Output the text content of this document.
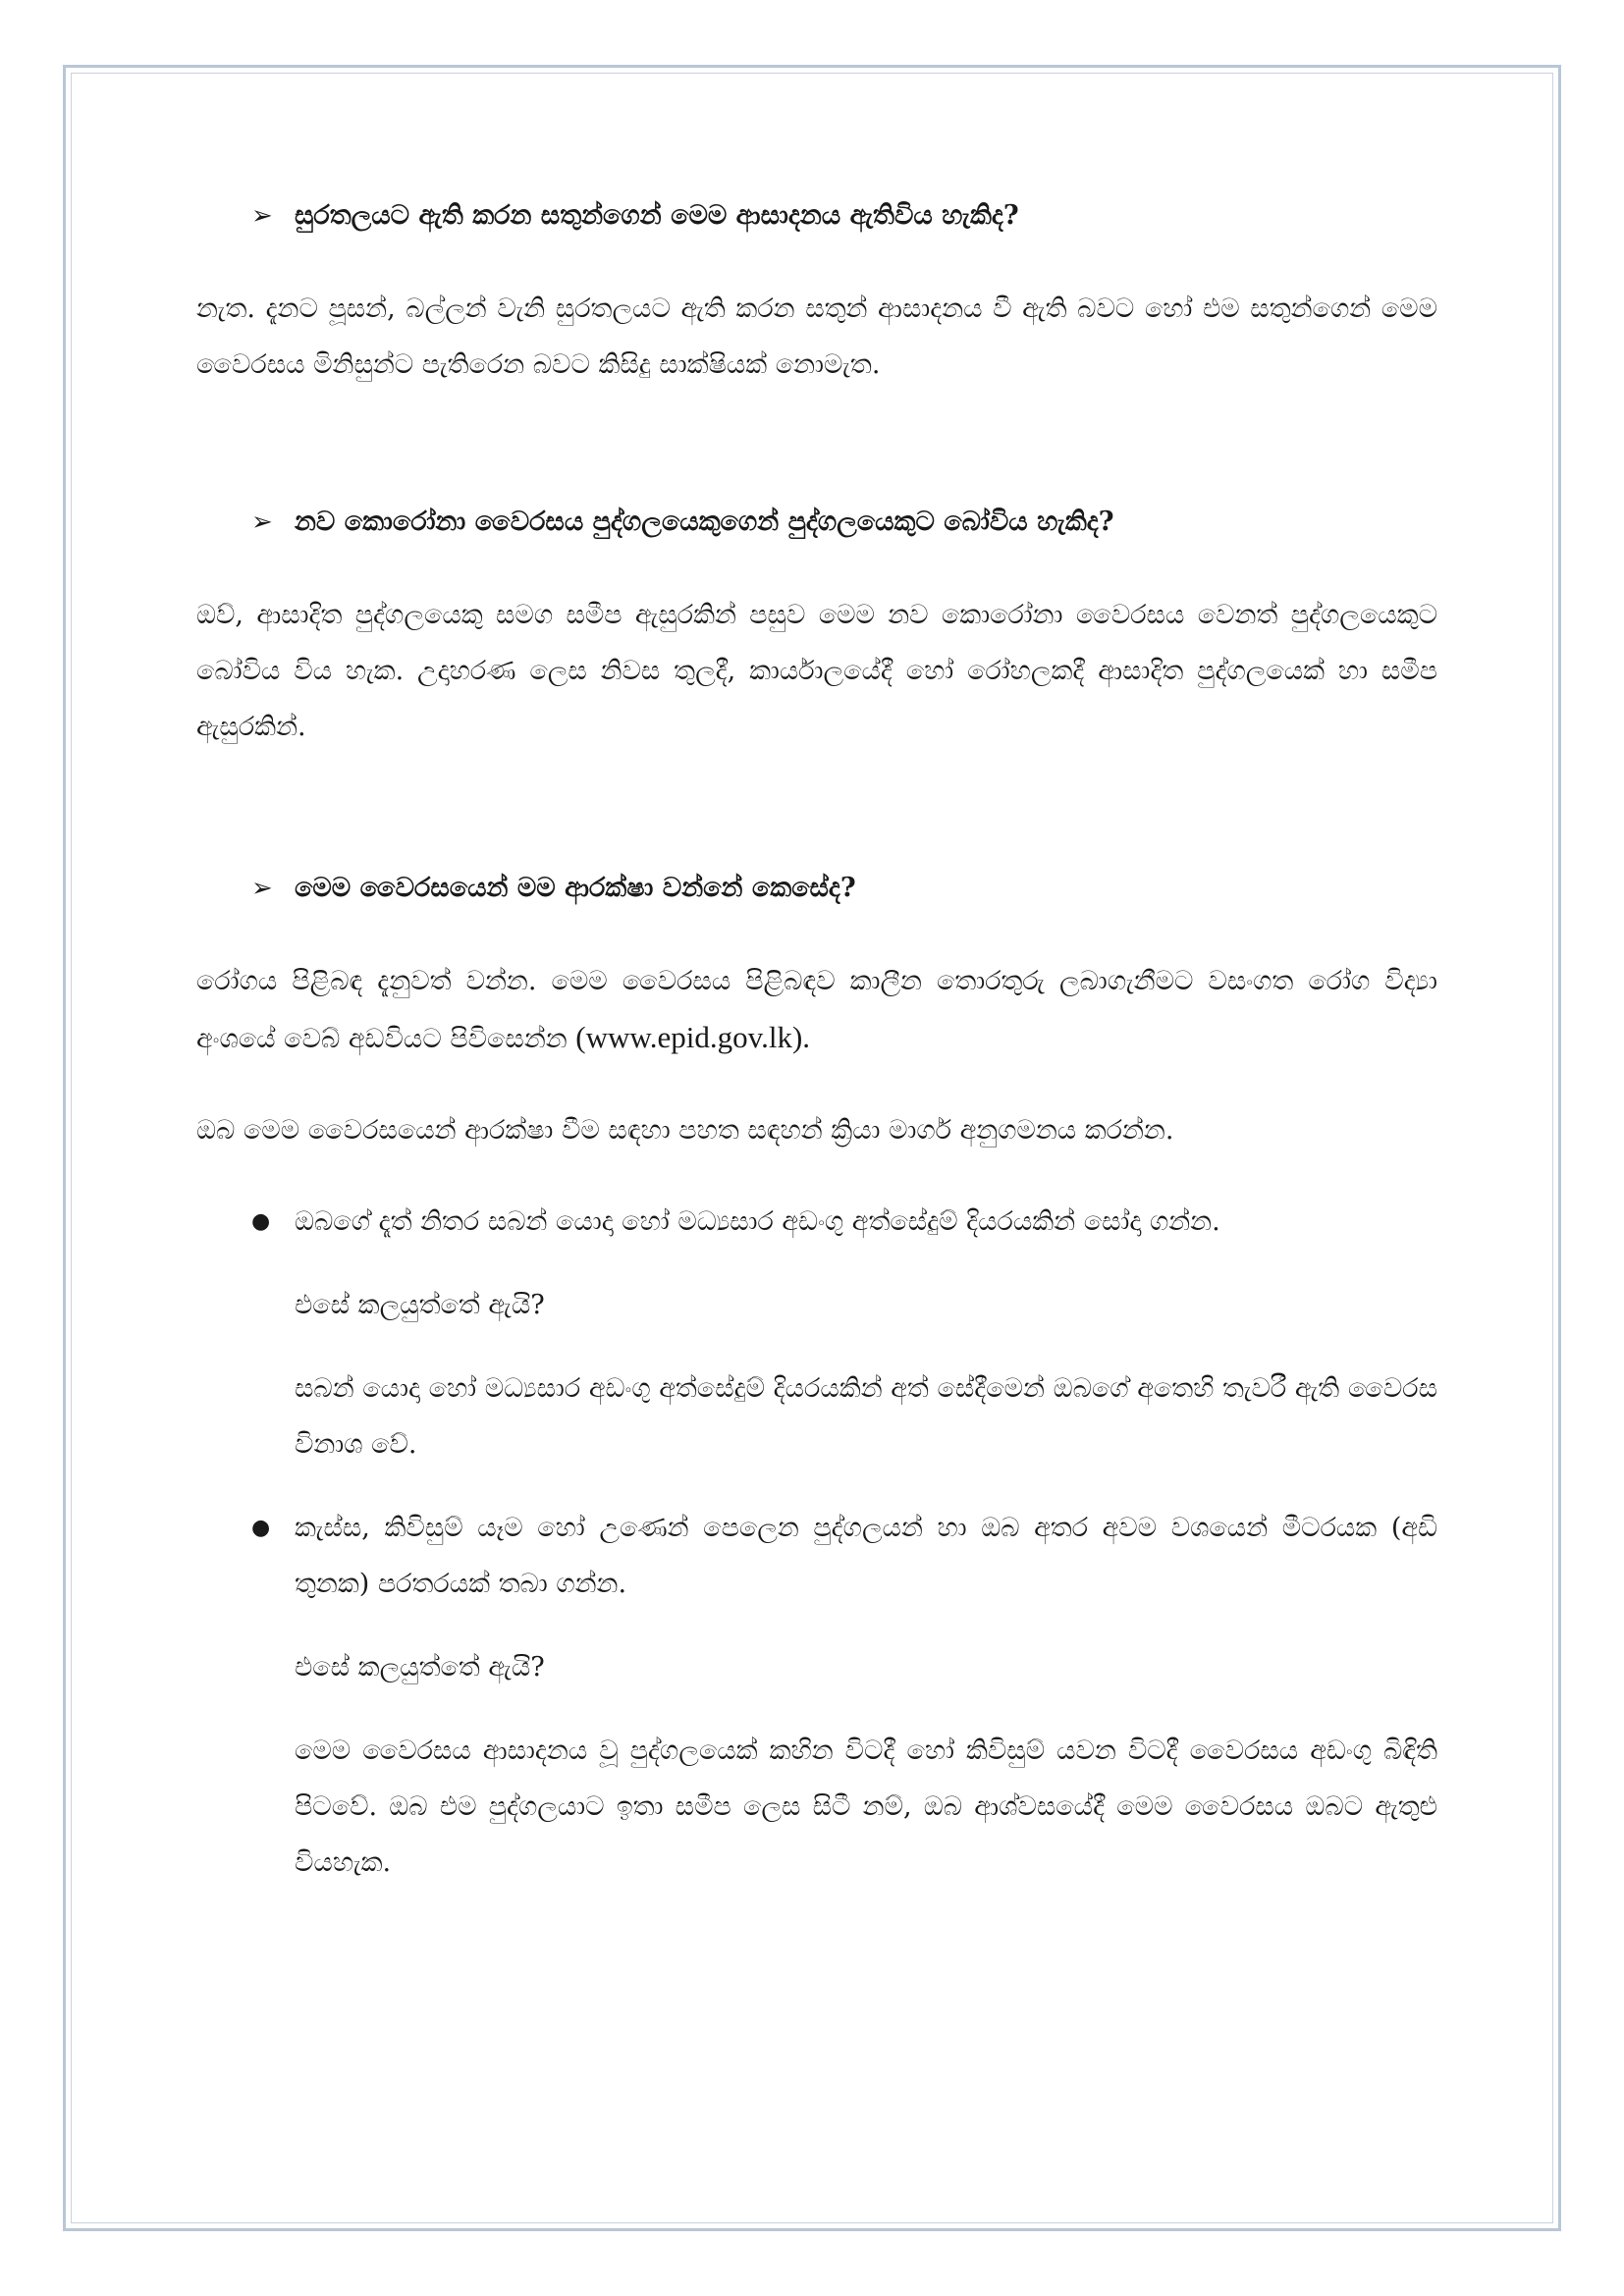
➢ සුරතලයට ඇති කරන සතුන්ගෙන් මෙම ආසාදනය ඇතිවිය හැකිද?

නැත. දැනට පූසන්, බල්ලන් වැනි සුරතලයට ඇති කරන සතුන් ආසාදනය වී ඇති බවට හෝ එම සතුන්ගෙන් මෙම වෛරසය මිනිසුන්ට පැතිරෙන බවට කිසිදු සාක්ෂියක් නොමැත.

➢ නව කොරෝනා වෛරසය පුද්ගලයෙකුගෙන් පුද්ගලයෙකුට බෝවිය හැකිද?

ඔව්, ආසාදිත පුද්ගලයෙකු සමග සමීප ඇසුරකින් පසුව මෙම නව කොරෝනා වෛරසය වෙනත් පුද්ගලයෙකුට බෝවිය විය හැක. උදාහරණ ලෙස නිවස තුලදී, කාර්යාලයේදී හෝ රෝහලකදී ආසාදිත පුද්ගලයෙක් හා සමීප ඇසුරකින්.

➢ මෙම වෛරසයෙන් මම ආරක්ෂා වන්නේ කෙසේද?

රෝගය පිළිබඳ දැනුවත් වන්න. මෙම වෛරසය පිළිබඳව කාලීන තොරතුරු ලබාගැනීමට වසංගත රෝග විද්‍යා අංශයේ වෙබ් අඩවියට පිවිසෙන්න (www.epid.gov.lk).

ඔබ මෙම වෛරසයෙන් ආරක්ෂා වීම සඳහා පහත සඳහන් ක්‍රියා මාර්ග අනුගමනය කරන්න.

● ඔබගේ දෑත් නිතර සබන් යොදා හෝ මධ්‍යසාර අඩංගු අත්සේදුම් දියරයකින් සෝදා ගන්න.

එසේ කලයුත්තේ ඇයි?

සබන් යොදා හෝ මධ්‍යසාර අඩංගු අත්සේදුම් දියරයකින් අත් සේදීමෙන් ඔබගේ අතෙහි තැවරී ඇති වෛරස විනාශ වේ.

● කැස්ස, කිවිසුම් යෑම හෝ උණෙන් පෙලෙන පුද්ගලයන් හා ඔබ අතර අවම වශයෙන් මීටරයක (අඩි තුනක) පරතරයක් තබා ගන්න.

එසේ කලයුත්තේ ඇයි?

මෙම වෛරසය ආසාදනය වූ පුද්ගලයෙක් කහින විටදී හෝ කිවිසුම් යවන විටදී වෛරසය අඩංගු බිඳිති පිටවේ. ඔබ එම පුද්ගලයාට ඉතා සමීප ලෙස සිටී නම්, ඔබ ආශ්වසයේදී මෙම වෛරසය ඔබට ඇතුළු වියහැක.
